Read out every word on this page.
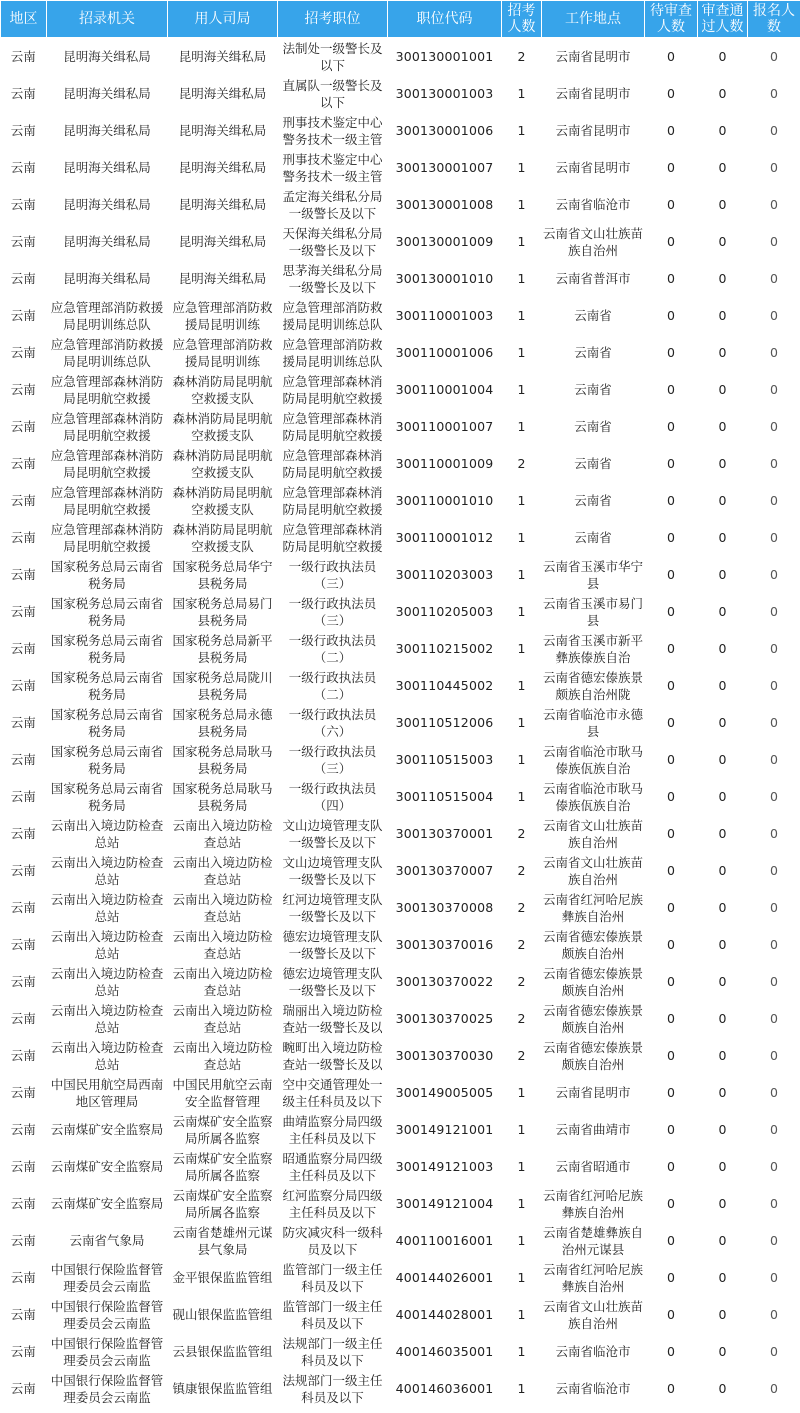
地区	招录机关	用人司局	招考职位	职位代码	招考人数	工作地点	待审查人数	审查通过人数	报名人数

云南	昆明海关缉私局	昆明海关缉私局	法制处一级警长及以下	300130001001	2	云南省昆明市	0	0	0

云南	昆明海关缉私局	昆明海关缉私局	直属队一级警长及以下	300130001003	1	云南省昆明市	0	0	0

云南	昆明海关缉私局	昆明海关缉私局	刑事技术鉴定中心警务技术一级主管	300130001006	1	云南省昆明市	0	0	0

云南	昆明海关缉私局	昆明海关缉私局	刑事技术鉴定中心警务技术一级主管	300130001007	1	云南省昆明市	0	0	0

云南	昆明海关缉私局	昆明海关缉私局	孟定海关缉私分局一级警长及以下	300130001008	1	云南省临沧市	0	0	0

云南	昆明海关缉私局	昆明海关缉私局	天保海关缉私分局一级警长及以下	300130001009	1	云南省文山壮族苗族自治州	0	0	0

云南	昆明海关缉私局	昆明海关缉私局	思茅海关缉私分局一级警长及以下	300130001010	1	云南省普洱市	0	0	0

云南	应急管理部消防救援局昆明训练总队	应急管理部消防救援局昆明训练	应急管理部消防救援局昆明训练总队	300110001003	1	云南省	0	0	0

云南	应急管理部消防救援局昆明训练总队	应急管理部消防救援局昆明训练	应急管理部消防救援局昆明训练总队	300110001006	1	云南省	0	0	0

云南	应急管理部森林消防局昆明航空救援	森林消防局昆明航空救援支队	应急管理部森林消防局昆明航空救援	300110001004	1	云南省	0	0	0

云南	应急管理部森林消防局昆明航空救援	森林消防局昆明航空救援支队	应急管理部森林消防局昆明航空救援	300110001007	1	云南省	0	0	0

云南	应急管理部森林消防局昆明航空救援	森林消防局昆明航空救援支队	应急管理部森林消防局昆明航空救援	300110001009	2	云南省	0	0	0

云南	应急管理部森林消防局昆明航空救援	森林消防局昆明航空救援支队	应急管理部森林消防局昆明航空救援	300110001010	1	云南省	0	0	0

云南	应急管理部森林消防局昆明航空救援	森林消防局昆明航空救援支队	应急管理部森林消防局昆明航空救援	300110001012	1	云南省	0	0	0

云南	国家税务总局云南省税务局	国家税务总局华宁县税务局	一级行政执法员（三）	300110203003	1	云南省玉溪市华宁县	0	0	0

云南	国家税务总局云南省税务局	国家税务总局易门县税务局	一级行政执法员（三）	300110205003	1	云南省玉溪市易门县	0	0	0

云南	国家税务总局云南省税务局	国家税务总局新平县税务局	一级行政执法员（二）	300110215002	1	云南省玉溪市新平彝族傣族自治	0	0	0

云南	国家税务总局云南省税务局	国家税务总局陇川县税务局	一级行政执法员（二）	300110445002	1	云南省德宏傣族景颇族自治州陇	0	0	0

云南	国家税务总局云南省税务局	国家税务总局永德县税务局	一级行政执法员（六）	300110512006	1	云南省临沧市永德县	0	0	0

云南	国家税务总局云南省税务局	国家税务总局耿马县税务局	一级行政执法员（三）	300110515003	1	云南省临沧市耿马傣族佤族自治	0	0	0

云南	国家税务总局云南省税务局	国家税务总局耿马县税务局	一级行政执法员（四）	300110515004	1	云南省临沧市耿马傣族佤族自治	0	0	0

云南	云南出入境边防检查总站	云南出入境边防检查总站	文山边境管理支队一级警长及以下	300130370001	2	云南省文山壮族苗族自治州	0	0	0

云南	云南出入境边防检查总站	云南出入境边防检查总站	文山边境管理支队一级警长及以下	300130370007	2	云南省文山壮族苗族自治州	0	0	0

云南	云南出入境边防检查总站	云南出入境边防检查总站	红河边境管理支队一级警长及以下	300130370008	2	云南省红河哈尼族彝族自治州	0	0	0

云南	云南出入境边防检查总站	云南出入境边防检查总站	德宏边境管理支队一级警长及以下	300130370016	2	云南省德宏傣族景颇族自治州	0	0	0

云南	云南出入境边防检查总站	云南出入境边防检查总站	德宏边境管理支队一级警长及以下	300130370022	2	云南省德宏傣族景颇族自治州	0	0	0

云南	云南出入境边防检查总站	云南出入境边防检查总站	瑞丽出入境边防检查站一级警长及以	300130370025	2	云南省德宏傣族景颇族自治州	0	0	0

云南	云南出入境边防检查总站	云南出入境边防检查总站	畹町出入境边防检查站一级警长及以	300130370030	2	云南省德宏傣族景颇族自治州	0	0	0

云南	中国民用航空局西南地区管理局	中国民用航空云南安全监督管理	空中交通管理处一级主任科员及以下	300149005005	1	云南省昆明市	0	0	0

云南	云南煤矿安全监察局	云南煤矿安全监察局所属各监察	曲靖监察分局四级主任科员及以下	300149121001	1	云南省曲靖市	0	0	0

云南	云南煤矿安全监察局	云南煤矿安全监察局所属各监察	昭通监察分局四级主任科员及以下	300149121003	1	云南省昭通市	0	0	0

云南	云南煤矿安全监察局	云南煤矿安全监察局所属各监察	红河监察分局四级主任科员及以下	300149121004	1	云南省红河哈尼族彝族自治州	0	0	0

云南	云南省气象局	云南省楚雄州元谋县气象局	防灾减灾科一级科员及以下	400110016001	1	云南省楚雄彝族自治州元谋县	0	0	0

云南	中国银行保险监督管理委员会云南监	金平银保监监管组	监管部门一级主任科员及以下	400144026001	1	云南省红河哈尼族彝族自治州	0	0	0

云南	中国银行保险监督管理委员会云南监	砚山银保监监管组	监管部门一级主任科员及以下	400144028001	1	云南省文山壮族苗族自治州	0	0	0

云南	中国银行保险监督管理委员会云南监	云县银保监监管组	法规部门一级主任科员及以下	400146035001	1	云南省临沧市	0	0	0

云南	中国银行保险监督管理委员会云南监	镇康银保监监管组	法规部门一级主任科员及以下	400146036001	1	云南省临沧市	0	0	0
